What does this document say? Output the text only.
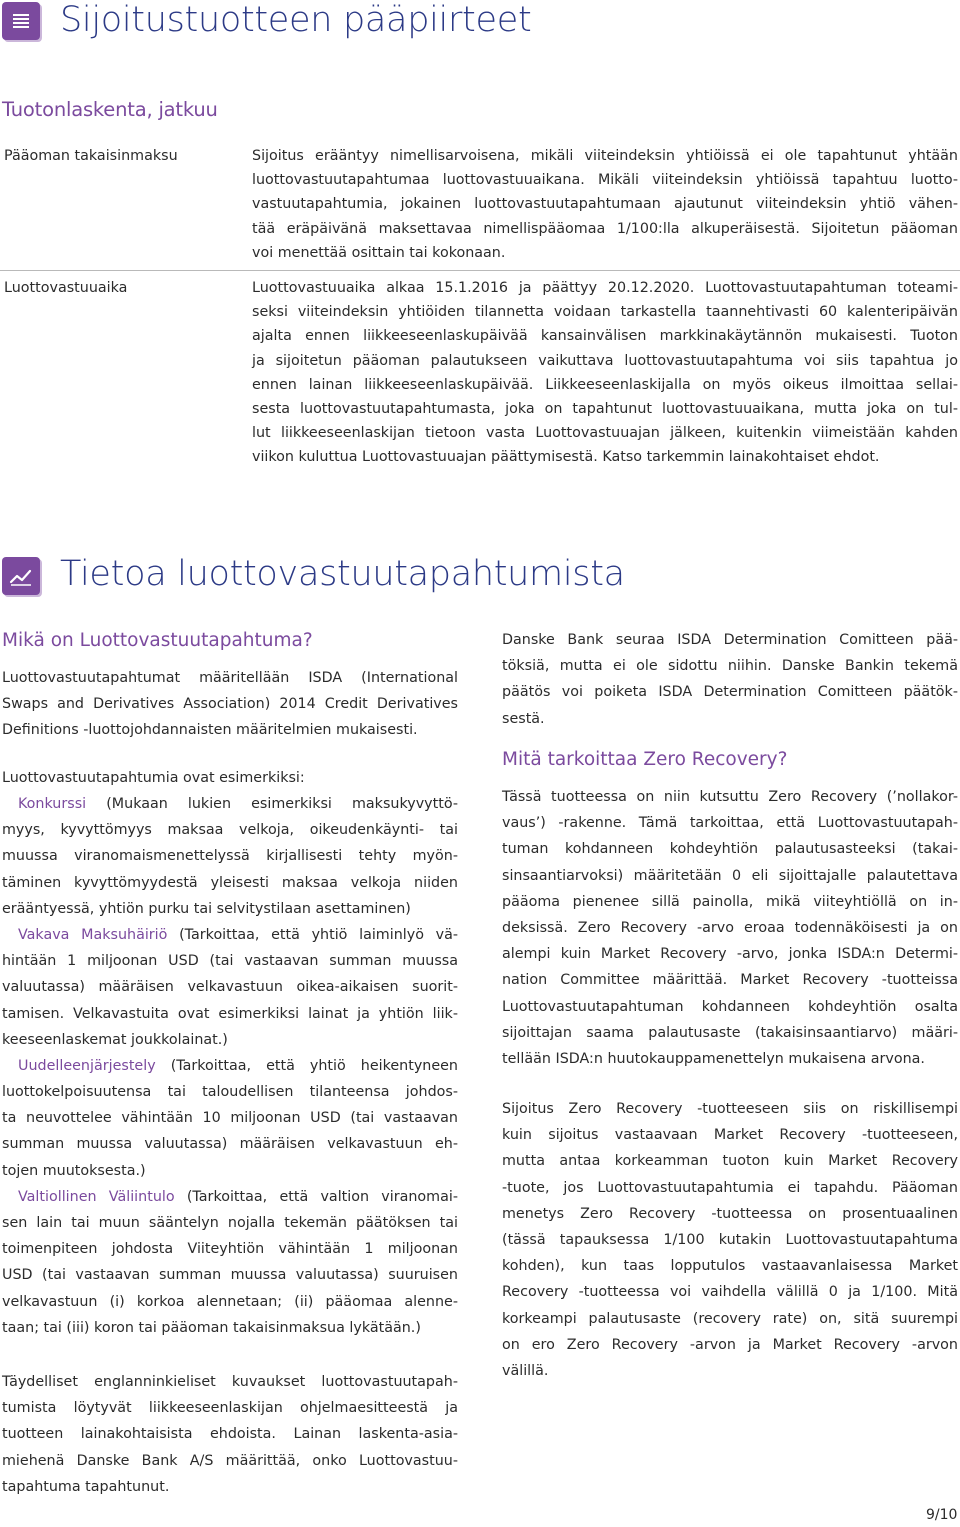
Sijoitustuotteen pääpiirteet
Tuotonlaskenta, jatkuu
Pääoman takaisinmaksu	Sijoitus erääntyy nimellisarvoisena, mikäli viiteindeksin yhtiöissä ei ole tapahtunut yhtään
luottovastuutapahtumaa luottovastuuaikana. Mikäli viiteindeksin yhtiöissä tapahtuu luotto-
vastuutapahtumia, jokainen luottovastuutapahtumaan ajautunut viiteindeksin yhtiö vähen-
tää eräpäivänä maksettavaa nimellispääomaa 1/100:lla alkuperäisestä. Sijoitetun pääoman
voi menettää osittain tai kokonaan.
Luottovastuuaika	Luottovastuuaika alkaa 15.1.2016 ja päättyy 20.12.2020. Luottovastuutapahtuman toteami-
seksi viiteindeksin yhtiöiden tilannetta voidaan tarkastella taannehtivasti 60 kalenteripäivän
ajalta ennen liikkeeseenlaskupäivää kansainvälisen markkinakäytännön mukaisesti. Tuoton
ja sijoitetun pääoman palautukseen vaikuttava luottovastuutapahtuma voi siis tapahtua jo
ennen lainan liikkeeseenlaskupäivää. Liikkeeseenlaskijalla on myös oikeus ilmoittaa sellai-
sesta luottovastuutapahtumasta, joka on tapahtunut luottovastuuaikana, mutta joka on tul-
lut liikkeeseenlaskijan tietoon vasta Luottovastuuajan jälkeen, kuitenkin viimeistään kahden
viikon kuluttua Luottovastuuajan päättymisestä. Katso tarkemmin lainakohtaiset ehdot.
Tietoa luottovastuutapahtumista
Mikä on Luottovastuutapahtuma?
Luottovastuutapahtumat määritellään ISDA (International
Swaps and Derivatives Association) 2014 Credit Derivatives
Definitions -luottojohdannaisten määritelmien mukaisesti.
Luottovastuutapahtumia ovat esimerkiksi:
Konkurssi (Mukaan lukien esimerkiksi maksukyvyttö-
myys, kyvyttömyys maksaa velkoja, oikeudenkäynti- tai
muussa viranomaismenettelyssä kirjallisesti tehty myön-
täminen kyvyttömyydestä yleisesti maksaa velkoja niiden
erääntyessä, yhtiön purku tai selvitystilaan asettaminen)
Vakava Maksuhäiriö (Tarkoittaa, että yhtiö laiminlyö vä-
hintään 1 miljoonan USD (tai vastaavan summan muussa
valuutassa) määräisen velkavastuun oikea-aikaisen suorit-
tamisen. Velkavastuita ovat esimerkiksi lainat ja yhtiön liik-
keeseenlaskemat joukkolainat.)
Uudelleenjärjestely (Tarkoittaa, että yhtiö heikentyneen
luottokelpoisuutensa tai taloudellisen tilanteensa johdos-
ta neuvottelee vähintään 10 miljoonan USD (tai vastaavan
summan muussa valuutassa) määräisen velkavastuun eh-
tojen muutoksesta.)
Valtiollinen Väliintulo (Tarkoittaa, että valtion viranomai-
sen lain tai muun sääntelyn nojalla tekemän päätöksen tai
toimenpiteen johdosta Viiteyhtiön vähintään 1 miljoonan
USD (tai vastaavan summan muussa valuutassa) suuruisen
velkavastuun (i) korkoa alennetaan; (ii) pääomaa alenne-
taan; tai (iii) koron tai pääoman takaisinmaksua lykätään.)
Täydelliset englanninkieliset kuvaukset luottovastuutapah-
tumista löytyvät liikkeeseenlaskijan ohjelmaesitteestä ja
tuotteen lainakohtaisista ehdoista. Lainan laskenta-asia-
miehenä Danske Bank A/S määrittää, onko Luottovastuu-
tapahtuma tapahtunut.
Danske Bank seuraa ISDA Determination Comitteen pää-
töksiä, mutta ei ole sidottu niihin. Danske Bankin tekemä
päätös voi poiketa ISDA Determination Comitteen päätök-
sestä.
Mitä tarkoittaa Zero Recovery?
Tässä tuotteessa on niin kutsuttu Zero Recovery (’nollakor-
vaus’) -rakenne. Tämä tarkoittaa, että Luottovastuutapah-
tuman kohdanneen kohdeyhtiön palautusasteeksi (takai-
sinsaantiarvoksi) määritetään 0 eli sijoittajalle palautettava
pääoma pienenee sillä painolla, mikä viiteyhtiöllä on in-
deksissä. Zero Recovery -arvo eroaa todennäköisesti ja on
alempi kuin Market Recovery -arvo, jonka ISDA:n Determi-
nation Committee määrittää. Market Recovery -tuotteissa
Luottovastuutapahtuman kohdanneen kohdeyhtiön osalta
sijoittajan saama palautusaste (takaisinsaantiarvo) määri-
tellään ISDA:n huutokauppamenettelyn mukaisena arvona.
Sijoitus Zero Recovery -tuotteeseen siis on riskillisempi
kuin sijoitus vastaavaan Market Recovery -tuotteeseen,
mutta antaa korkeamman tuoton kuin Market Recovery
-tuote, jos Luottovastuutapahtumia ei tapahdu. Pääoman
menetys Zero Recovery -tuotteessa on prosentuaalinen
(tässä tapauksessa 1/100 kutakin Luottovastuutapahtuma
kohden), kun taas lopputulos vastaavanlaisessa Market
Recovery -tuotteessa voi vaihdella välillä 0 ja 1/100. Mitä
korkeampi palautusaste (recovery rate) on, sitä suurempi
on ero Zero Recovery -arvon ja Market Recovery -arvon
välillä.
9/10
